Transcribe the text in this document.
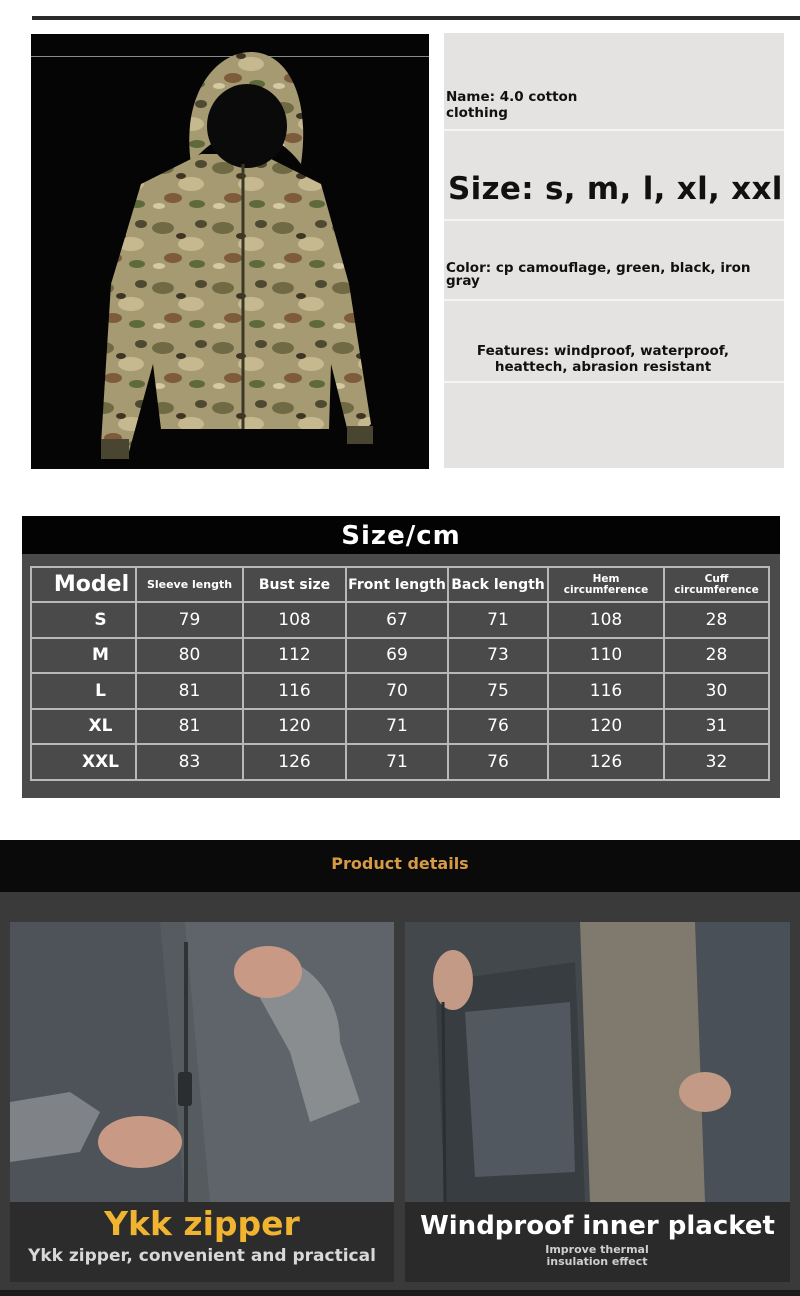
Name: 4.0 cotton clothing
Size: s, m, l, xl, xxl
Color: cp camouflage, green, black, iron gray
Features: windproof, waterproof, heattech, abrasion resistant
Size/cm
Model	Sleeve length	Bust size	Front length	Back length	Hem circumference	Cuff circumference
S	79	108	67	71	108	28
M	80	112	69	73	110	28
L	81	116	70	75	116	30
XL	81	120	71	76	120	31
XXL	83	126	71	76	126	32
Product details
Ykk zipper
Ykk zipper, convenient and practical
Windproof inner placket
Improve thermal insulation effect
